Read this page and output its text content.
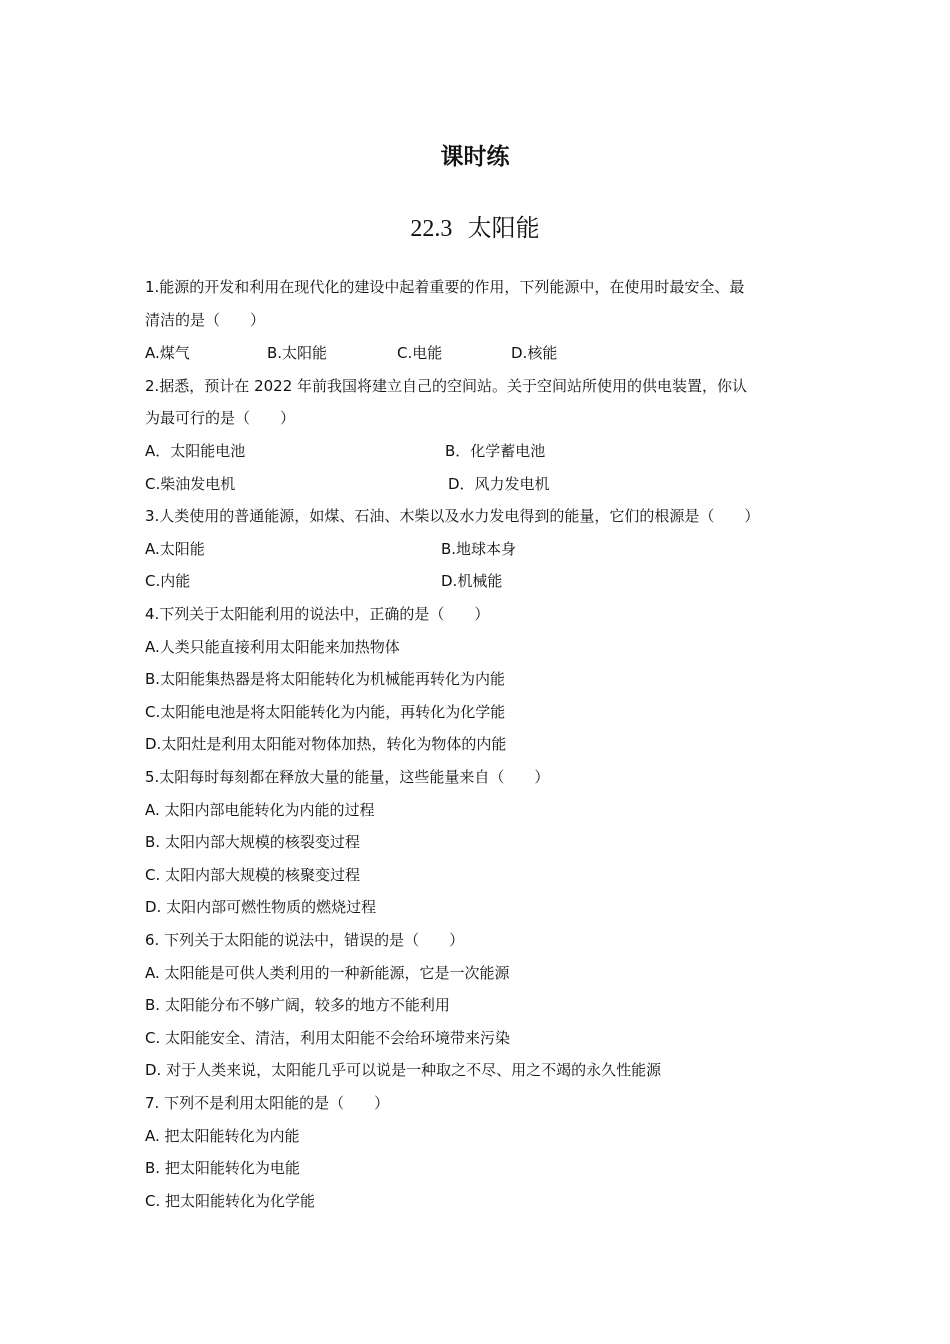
课时练
22.3 太阳能
1.能源的开发和利用在现代化的建设中起着重要的作用，下列能源中，在使用时最安全、最
清洁的是（　　）
A.煤气	B.太阳能	C.电能	D.核能
2.据悉，预计在 2022 年前我国将建立自己的空间站。关于空间站所使用的供电装置，你认
为最可行的是（　　）
A．太阳能电池	B．化学蓄电池
C.柴油发电机	D．风力发电机
3.人类使用的普通能源，如煤、石油、木柴以及水力发电得到的能量，它们的根源是（　　）
A.太阳能	B.地球本身
C.内能	D.机械能
4.下列关于太阳能利用的说法中，正确的是（　　）
A.人类只能直接利用太阳能来加热物体
B.太阳能集热器是将太阳能转化为机械能再转化为内能
C.太阳能电池是将太阳能转化为内能，再转化为化学能
D.太阳灶是利用太阳能对物体加热，转化为物体的内能
5.太阳每时每刻都在释放大量的能量，这些能量来自（　　）
A. 太阳内部电能转化为内能的过程
B. 太阳内部大规模的核裂变过程
C. 太阳内部大规模的核聚变过程
D. 太阳内部可燃性物质的燃烧过程
6. 下列关于太阳能的说法中，错误的是（　　）
A. 太阳能是可供人类利用的一种新能源，它是一次能源
B. 太阳能分布不够广阔，较多的地方不能利用
C. 太阳能安全、清洁，利用太阳能不会给环境带来污染
D. 对于人类来说，太阳能几乎可以说是一种取之不尽、用之不竭的永久性能源
7. 下列不是利用太阳能的是（　　）
A. 把太阳能转化为内能
B. 把太阳能转化为电能
C. 把太阳能转化为化学能
